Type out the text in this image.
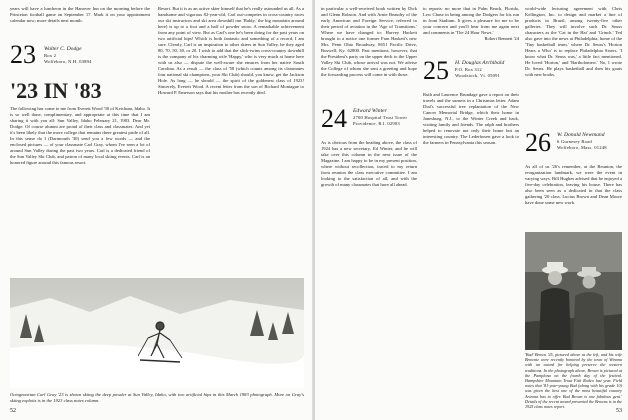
years will have a luncheon in the Hanover Inn on the morning before the Princeton football game on September 17. Mark it on your appointment calendar now; more details next month.

23 Walter C. Dodge
Box 2
Wolfeboro, N.H. 03894
'23 IN '83

The following has come to me from Everett Wood '30 of Ketchum, Idaho. It is so well done, complimentary, and appropriate at this time that I am sharing it with you all: Sun Valley, Idaho February 21, 1983. Dear Mr. Dodge: Of course alumni are proud of their class and classmates. And yet it's been likely that the more college that remains there greatest pride of all. In this sense do I (Dartmouth '30) send you a few words — and the enclosed pictures — of your classmate Carl Gray, whom I've seen a lot of around Sun Valley during the past two years. Carl is a dedicated friend of the Sun Valley Ski Club, and patron of many local skiing events. Carl is an honored figure around this famous resort.

Resort. But it is as an active skier himself that he's really astounded us all. As a handsome and vigorous 82-year-old, Carl out-competes in cross-country races our ski instructors and ski area downhill run 'Baldy,' the big mountain around here) is up to a foot and a half of powder snow. A remarkable achievement from any point of view. But as Carl's one he's been doing for the past years on two artificial hips! Which is both fantastic and something of a record, I am sure. Clearly, Carl is an inspiration to other skiers in Sun Valley, be they aged 80, 70, 50, 30, or 20. I wish to add that the slick-twins cross-country downhill is the company of his charming wife 'Happy,' who is very much at home here with us also — dispute the well-aware she ensures from her native South Carolina. As a result — the class of '58 (which counts among its classmates four national ski champions, your Ski Club) should, you know, get the Jackson Hole. As long — he should — the spirit of the goldenest class of 1923! Sincerely, Everett Wood. A recent letter from the son of Richard Montague to Howard P. Emerson says that his mother has recently died.

Octogenarian Carl Gray '23 is shown skiing the deep powder at Sun Valley, Idaho, with two artificial hips in this March 1983 photograph. More on Gray's skiing exploits is in the 1923 class notes column.
52

in particular a well-received book written by Dick and Glenn Robson. And with Arnie Beaudry of the early American and Foreign Service, referred to their period of aviation in the 'Age of Transitions.' Where we have changed to: Harvey Hackett brought to a notice one former Fran Haskett's new Mrs. Penn Ohio Broadway, 8651 Pacific Drive, Boswell, Ky. 62800. Past mentions, however, that the President's party on the upper deck to the Upper Valley Ski Club, whose arrival was not. We advise the College of whom she sent a greeting and hope the forwarding process will come in with those.

24 Edward Winter
2700 Hospital Trust Tower
Providence, R.I. 02903

As is obvious from the heading above, the class of 1924 has a new secretary, Ed Winter, and he will take over this column in the next issue of the Magazine. I am happy to be in my present position, where without recollection, traced to my return from reunion the class executive committee. I am looking to the satisfaction of all, and with the growth of many classmates that have all ahead.

to reports: no more that in Palm Beach, Florida, Lew Chase in being among the Dodgers for his run in front Stadium. It gives a pleasure for me to be your concern and you'll hear from me again next and comments in 'The 24 Hour News.'

Robert Bennett '24
25 H. Douglas Archibald
P.O. Box 312
Woodstock, Vt. 05091

Ruth and Laurence Brundage gave a report on their travels and the sunsets in a Christmas letter. Adam Dial's successful tree replantation of the New Cancer Memorial Bridge, which their home in Janesburg, N.J., to the Winter Creek and back, visiting family and friends. The ralph and brothers helped to renovate not only their home but an interesting country. The Lederhosen gave a look to the farmers in Pennsylvania this season.

world-wide lecturing agreement with Chris Kellington, Inc. to design and market a line of products in Brazil, among twenty-five other galleries. They will involve such Dr. Seuss characters as the 'Cat in the Hat' and 'Grinch.' Ted also gave into the news at Philadelphia, home of the 'Tiny basketball team,' where Dr. Seuss's 'Horton Hears a Who' is to replace Philadelphia Sixers. 'I know what Dr. Seuss was,' a little fact mentioned. He loved 'Horton,' and 'Bartholomew.' No, I wrote Dr. Seuss. He plays basketball and then his goats with new books.

26 W. Donald Newmand
6 Gurnesey Road
Wolfeboro, Mass. 01248

As all of us '26's remember, at the Reunion, the reorganization landmark, we were the event in varying ways. Bill Hughes advised that he enjoyed a five-day celebration, leaving his house. There has also been seen as a dedicated in that the class gathering '20 class. Lucius Brown and Dean Moore have done some new work.

'Bud' Brown '25, pictured above at the left, and his wife Brownie were recently honored by the town of Winona with an award for helping preserve the western traditions. In the photograph above, Brown is pictured at the Pamplona on the fourth day of the festival. Hampshire Mountain Trout Fish Rodeo last year. Field notes that '81-year-young Bud (along with his grade 10) was given the best one of the most beautiful country Arizona has to offer. Bud Brown is one fabulous gent.' Details of the recent award presented the Browns is in the 1925 class notes report.
53
